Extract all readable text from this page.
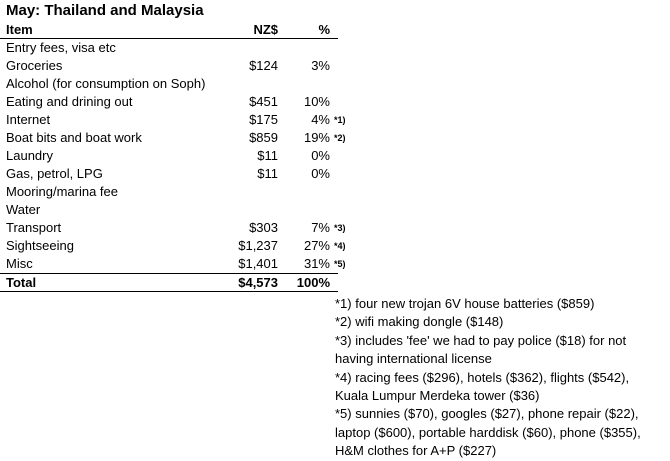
May: Thailand and Malaysia
Item	NZ$	%
Entry fees, visa etc
Groceries	$124	3%
Alcohol (for consumption on Soph)
Eating and drining out	$451 10%
Internet	$175	4% *1)
Boat bits and boat work	$859 19% *2)
Laundry	$11	0%
Gas, petrol, LPG	$11	0%
Mooring/marina fee
Water
Transport	$303	7% *3)
Sightseeing	$1,237 27% *4)
Misc	$1,401 31% *5)
Total	$4,573 100%
*1) four new trojan 6V house batteries ($859)
*2) wifi making dongle ($148)
*3) includes 'fee' we had to pay police ($18) for not having international license
*4) racing fees ($296), hotels ($362), flights ($542), Kuala Lumpur Merdeka tower ($36)
*5) sunnies ($70), googles ($27), phone repair ($22), laptop ($600), portable harddisk ($60), phone ($355), H&M clothes for A+P ($227)
